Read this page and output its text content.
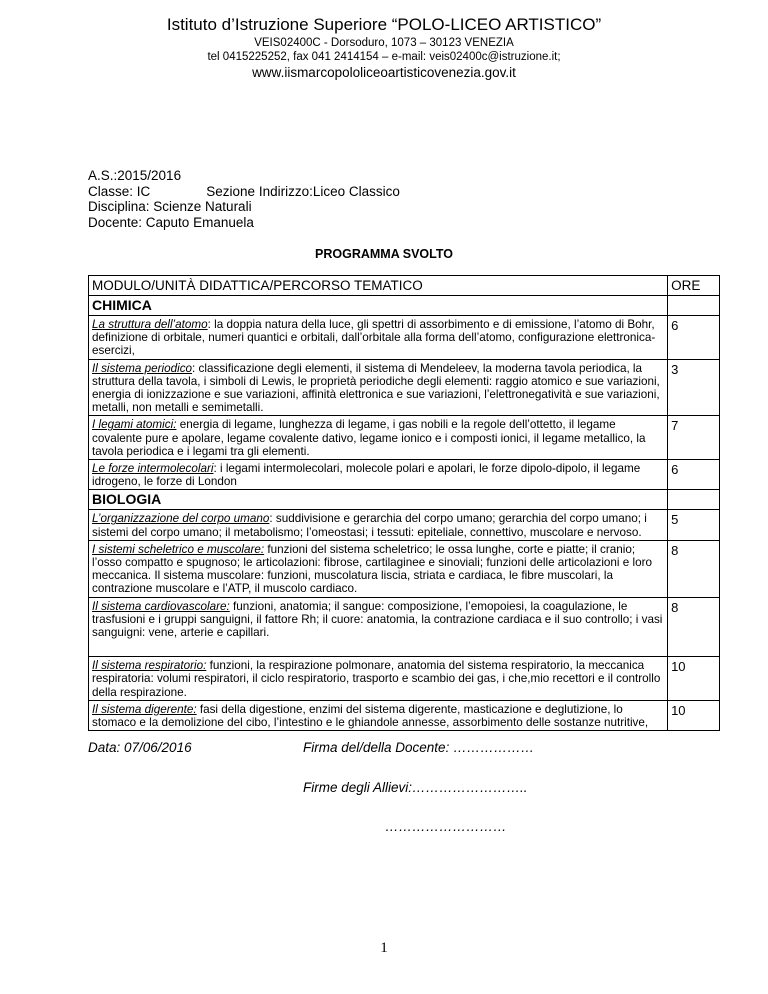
Istituto d’Istruzione Superiore “POLO-LICEO ARTISTICO”
VEIS02400C - Dorsoduro, 1073 – 30123 VENEZIA
tel 0415225252, fax 041 2414154 – e-mail: veis02400c@istruzione.it;
www.iismarcopololiceoartisticovenezia.gov.it
A.S.:2015/2016
Classe: IC	Sezione Indirizzo:Liceo Classico
Disciplina: Scienze Naturali
Docente: Caputo Emanuela
PROGRAMMA SVOLTO
MODULO/UNITÀ DIDATTICA/PERCORSO TEMATICO	ORE
CHIMICA	
La struttura dell’atomo: la doppia natura della luce, gli spettri di assorbimento e di emissione, l’atomo di Bohr, definizione di orbitale, numeri quantici e orbitali, dall’orbitale alla forma dell’atomo, configurazione elettronica-esercizi,	6
Il sistema periodico: classificazione degli elementi, il sistema di Mendeleev, la moderna tavola periodica, la struttura della tavola, i simboli di Lewis, le proprietà periodiche degli elementi: raggio atomico e sue variazioni, energia di ionizzazione e sue variazioni, affinità elettronica e sue variazioni, l’elettronegatività e sue variazioni, metalli, non metalli e semimetalli.	3
I legami atomici: energia di legame, lunghezza di legame, i gas nobili e la regole dell’ottetto, il legame covalente pure e apolare, legame covalente dativo, legame ionico e i composti ionici, il legame metallico, la tavola periodica e i legami tra gli elementi.	7
Le forze intermolecolari: i legami intermolecolari, molecole polari e apolari, le forze dipolo-dipolo, il legame idrogeno, le forze di London	6
BIOLOGIA	
L’organizzazione del corpo umano: suddivisione e gerarchia del corpo umano; gerarchia del corpo umano; i sistemi del corpo umano; il metabolismo; l’omeostasi; i tessuti: epiteliale, connettivo, muscolare e nervoso.	5
I sistemi scheletrico e muscolare: funzioni del sistema scheletrico; le ossa lunghe, corte e piatte; il cranio; l’osso compatto e spugnoso; le articolazioni: fibrose, cartilaginee e sinoviali; funzioni delle articolazioni e loro meccanica. Il sistema muscolare: funzioni, muscolatura liscia, striata e cardiaca, le fibre muscolari, la contrazione muscolare e l’ATP, il muscolo cardiaco.	8
Il sistema cardiovascolare: funzioni, anatomia; il sangue: composizione, l’emopoiesi, la coagulazione, le trasfusioni e i gruppi sanguigni, il fattore Rh; il cuore: anatomia, la contrazione cardiaca e il suo controllo; i vasi sanguigni: vene, arterie e capillari.	8
Il sistema respiratorio: funzioni, la respirazione polmonare, anatomia del sistema respiratorio, la meccanica respiratoria: volumi respiratori, il ciclo respiratorio, trasporto e scambio dei gas, i che,mio recettori e il controllo della respirazione.	10
Il sistema digerente: fasi della digestione, enzimi del sistema digerente, masticazione e deglutizione, lo stomaco e la demolizione del cibo, l’intestino e le ghiandole annesse, assorbimento delle sostanze nutritive,	10
Data: 07/06/2016	Firma del/della Docente: ………………
Firme degli Allievi:……………………..
………………………
1
